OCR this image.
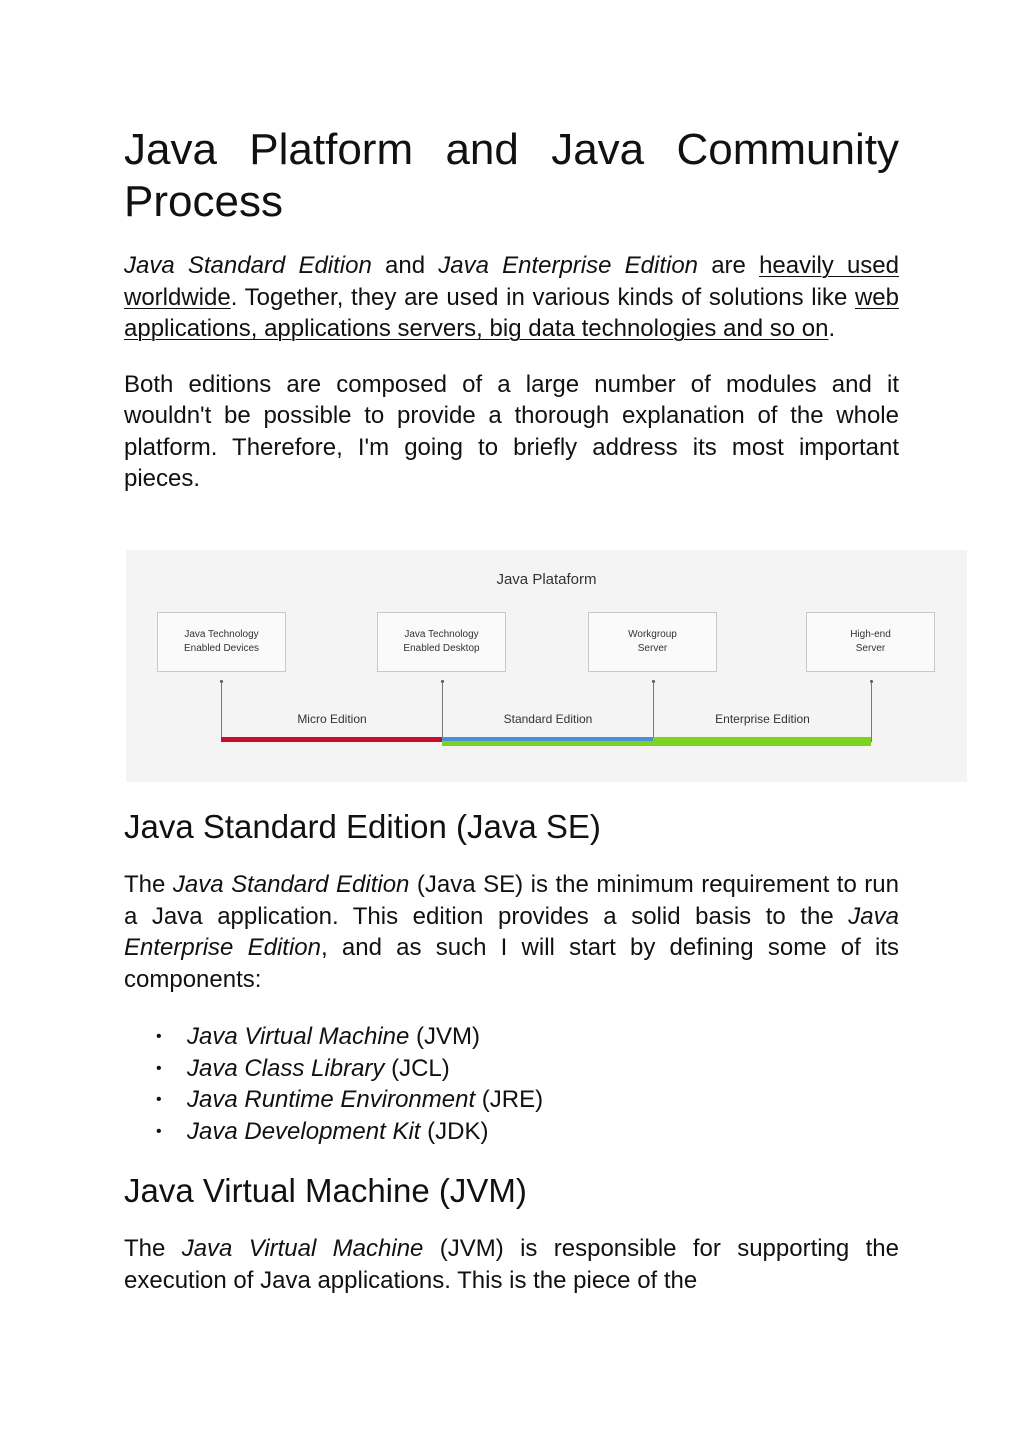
Java Platform and Java Community Process

Java Standard Edition and Java Enterprise Edition are heavily used worldwide. Together, they are used in various kinds of solutions like web applications, applications servers, big data technologies and so on.

Both editions are composed of a large number of modules and it wouldn't be possible to provide a thorough explanation of the whole platform. Therefore, I'm going to briefly address its most important pieces.

Java Plataform
Java Technology
Enabled Devices
Java Technology
Enabled Desktop
Workgroup
Server
High-end
Server
Micro Edition	Standard Edition	Enterprise Edition
Java Standard Edition (Java SE)

The Java Standard Edition (Java SE) is the minimum requirement to run a Java application. This edition provides a solid basis to the Java Enterprise Edition, and as such I will start by defining some of its components:

• Java Virtual Machine (JVM)
• Java Class Library (JCL)
• Java Runtime Environment (JRE)
• Java Development Kit (JDK)
Java Virtual Machine (JVM)

The Java Virtual Machine (JVM) is responsible for supporting the execution of Java applications. This is the piece of the
